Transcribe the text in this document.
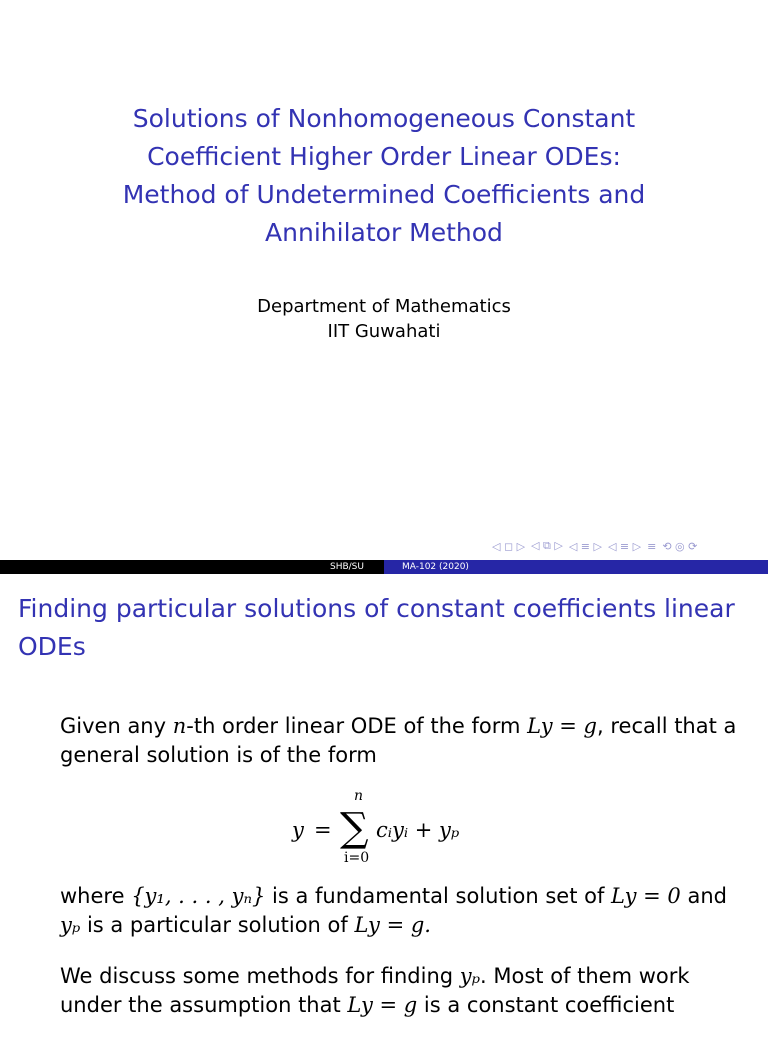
Solutions of Nonhomogeneous Constant
Coefficient Higher Order Linear ODEs:
Method of Undetermined Coefficients and
Annihilator Method
Department of Mathematics
IIT Guwahati
◁ ◻ ▷ ◁ ⧉ ▷ ◁ ≡ ▷ ◁ ≡ ▷ ≡ ⟲ ◎ ⟳
SHB/SU	MA-102 (2020)
Finding particular solutions of constant coefficients linear ODEs
Given any n-th order linear ODE of the form Ly = g, recall that a general solution is of the form
where {y₁, . . . , yₙ} is a fundamental solution set of Ly = 0 and yₚ is a particular solution of Ly = g.
We discuss some methods for finding yₚ. Most of them work under the assumption that Ly = g is a constant coefficient
y =
n
∑
i=0
cᵢyᵢ + yₚ
